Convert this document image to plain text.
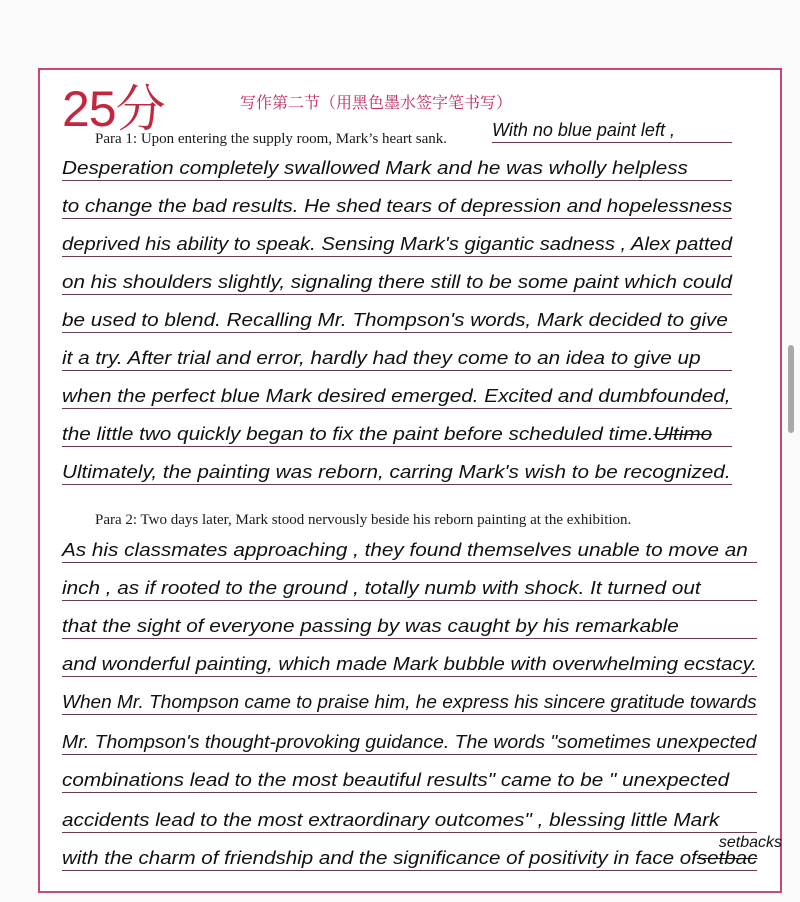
25分	写作第二节（用黑色墨水签字笔书写）
Para 1: Upon entering the supply room, Mark’s heart sank.
Para 2: Two days later, Mark stood nervously beside his reborn painting at the exhibition.
With no blue paint left ,
Desperation completely swallowed Mark and he was wholly helpless
to change the bad results. He shed tears of depression and hopelessness
deprived his ability to speak. Sensing Mark's gigantic sadness , Alex patted
on his shoulders slightly, signaling there still to be some paint which could
be used to blend. Recalling Mr. Thompson's words, Mark decided to give
it a try. After trial and error, hardly had they come to an idea to give up
when the perfect blue Mark desired emerged. Excited and dumbfounded,
the little two quickly began to fix the paint before scheduled time.Ultimo
Ultimately, the painting was reborn, carring Mark's wish to be recognized.
As his classmates approaching , they found themselves unable to move an
inch , as if rooted to the ground , totally numb with shock. It turned out
that the sight of everyone passing by was caught by his remarkable
and wonderful painting, which made Mark bubble with overwhelming ecstacy.
When Mr. Thompson came to praise him, he express his sincere gratitude towards
Mr. Thompson's thought-provoking guidance. The words "sometimes unexpected
combinations lead to the most beautiful results" came to be " unexpected
accidents lead to the most extraordinary outcomes" , blessing little Mark
with the charm of friendship and the significance of positivity in face ofsetbac
setbacks
